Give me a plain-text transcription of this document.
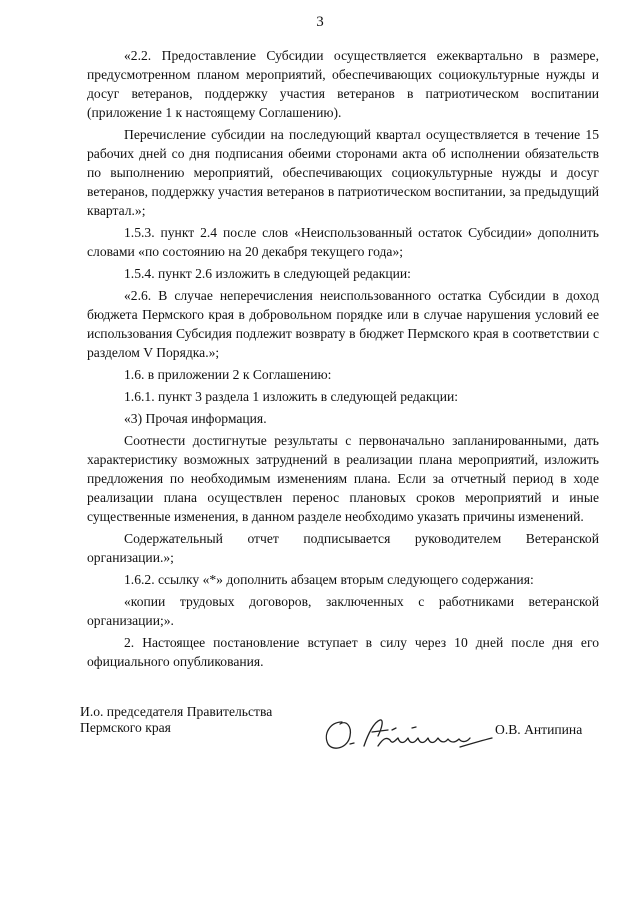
3

«2.2. Предоставление Субсидии осуществляется ежеквартально в размере, предусмотренном планом мероприятий, обеспечивающих социокультурные нужды и досуг ветеранов, поддержку участия ветеранов в патриотическом воспитании (приложение 1 к настоящему Соглашению).

Перечисление субсидии на последующий квартал осуществляется в течение 15 рабочих дней со дня подписания обеими сторонами акта об исполнении обязательств по выполнению мероприятий, обеспечивающих социокультурные нужды и досуг ветеранов, поддержку участия ветеранов в патриотическом воспитании, за предыдущий квартал.»;

1.5.3. пункт 2.4 после слов «Неиспользованный остаток Субсидии» дополнить словами «по состоянию на 20 декабря текущего года»;

1.5.4. пункт 2.6 изложить в следующей редакции:

«2.6. В случае неперечисления неиспользованного остатка Субсидии в доход бюджета Пермского края в добровольном порядке или в случае нарушения условий ее использования Субсидия подлежит возврату в бюджет Пермского края в соответствии с разделом V Порядка.»;

1.6. в приложении 2 к Соглашению:

1.6.1. пункт 3 раздела 1 изложить в следующей редакции:

«3) Прочая информация.

Соотнести достигнутые результаты с первоначально запланированными, дать характеристику возможных затруднений в реализации плана мероприятий, изложить предложения по необходимым изменениям плана. Если за отчетный период в ходе реализации плана осуществлен перенос плановых сроков мероприятий и иные существенные изменения, в данном разделе необходимо указать причины изменений.

Содержательный отчет подписывается руководителем Ветеранской организации.»;

1.6.2. ссылку «*» дополнить абзацем вторым следующего содержания:

«копии трудовых договоров, заключенных с работниками ветеранской организации;».

2. Настоящее постановление вступает в силу через 10 дней после дня его официального опубликования.

И.о. председателя Правительства
Пермского края	О.В. Антипина
